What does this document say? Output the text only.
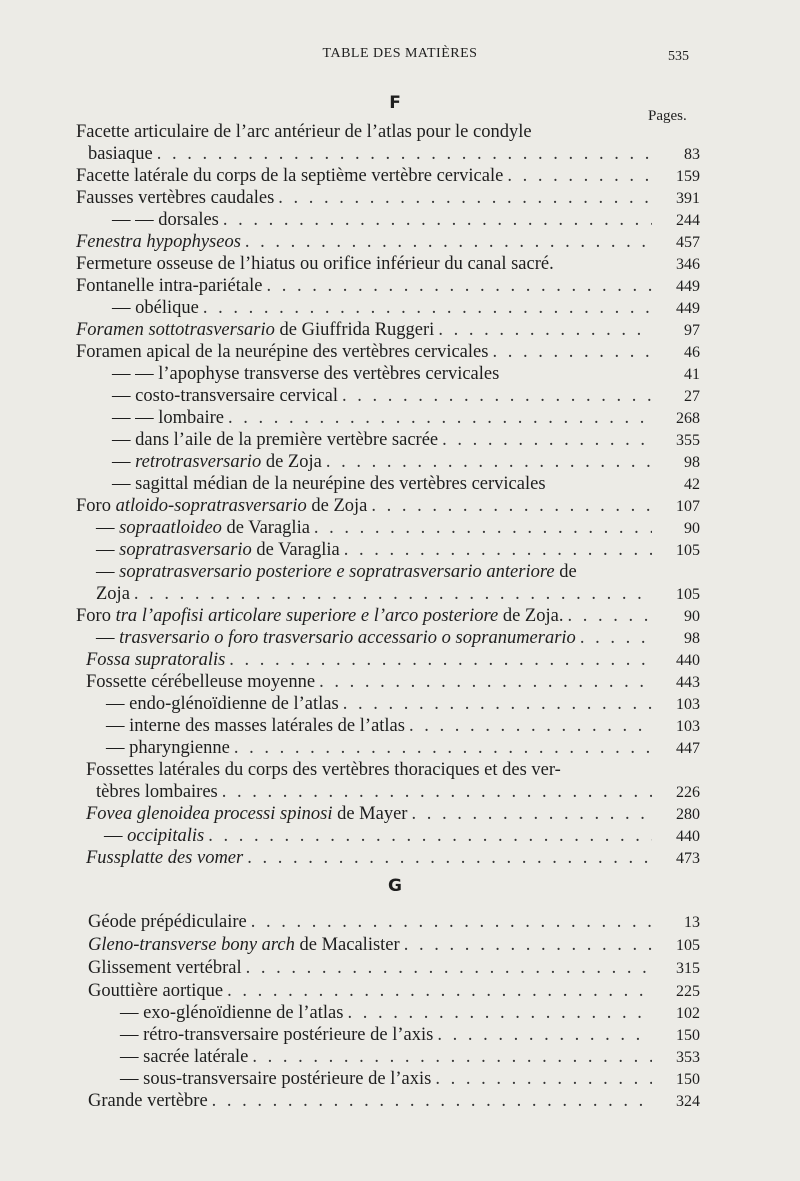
TABLE DES MATIÈRES	535
F
Pages.
G
Facette articulaire de l’arc antérieur de l’atlas pour le condyle
basiaque . . .	83
Facette latérale du corps de la septième vertèbre cervicale . . .	159
Fausses vertèbres caudales . . .	391
— — dorsales . . .	244
Fenestra hypophyseos . . .	457
Fermeture osseuse de l’hiatus ou orifice inférieur du canal sacré.	346
Fontanelle intra-pariétale . . .	449
— obélique . . .	449
Foramen sottotrasversario de Giuffrida Ruggeri . . .	97
Foramen apical de la neurépine des vertèbres cervicales . . .	46
— — l’apophyse transverse des vertèbres cervicales	41
— costo-transversaire cervical . . .	27
— — lombaire . . .	268
— dans l’aile de la première vertèbre sacrée . . .	355
— retrotrasversario de Zoja . . .	98
— sagittal médian de la neurépine des vertèbres cervicales	42
Foro atloido-sopratrasversario de Zoja . . .	107
— sopraatloideo de Varaglia . . .	90
— sopratrasversario de Varaglia . . .	105
— sopratrasversario posteriore e sopratrasversario anteriore de
Zoja . . .	105
Foro tra l’apofisi articolare superiore e l’arco posteriore de Zoja. . . .	90
— trasversario o foro trasversario accessario o sopranumerario . . .	98
Fossa supratoralis . . .	440
Fossette cérébelleuse moyenne . . .	443
— endo-glénoïdienne de l’atlas . . .	103
— interne des masses latérales de l’atlas . . .	103
— pharyngienne . . .	447
Fossettes latérales du corps des vertèbres thoraciques et des ver-
tèbres lombaires . . .	226
Fovea glenoidea processi spinosi de Mayer . . .	280
— occipitalis . . .	440
Fussplatte des vomer . . .	473
Géode prépédiculaire . . .	13
Gleno-transverse bony arch de Macalister . . .	105
Glissement vertébral . . .	315
Gouttière aortique . . .	225
— exo-glénoïdienne de l’atlas . . .	102
— rétro-transversaire postérieure de l’axis . . .	150
— sacrée latérale . . .	353
— sous-transversaire postérieure de l’axis . . .	150
Grande vertèbre . . .	324
